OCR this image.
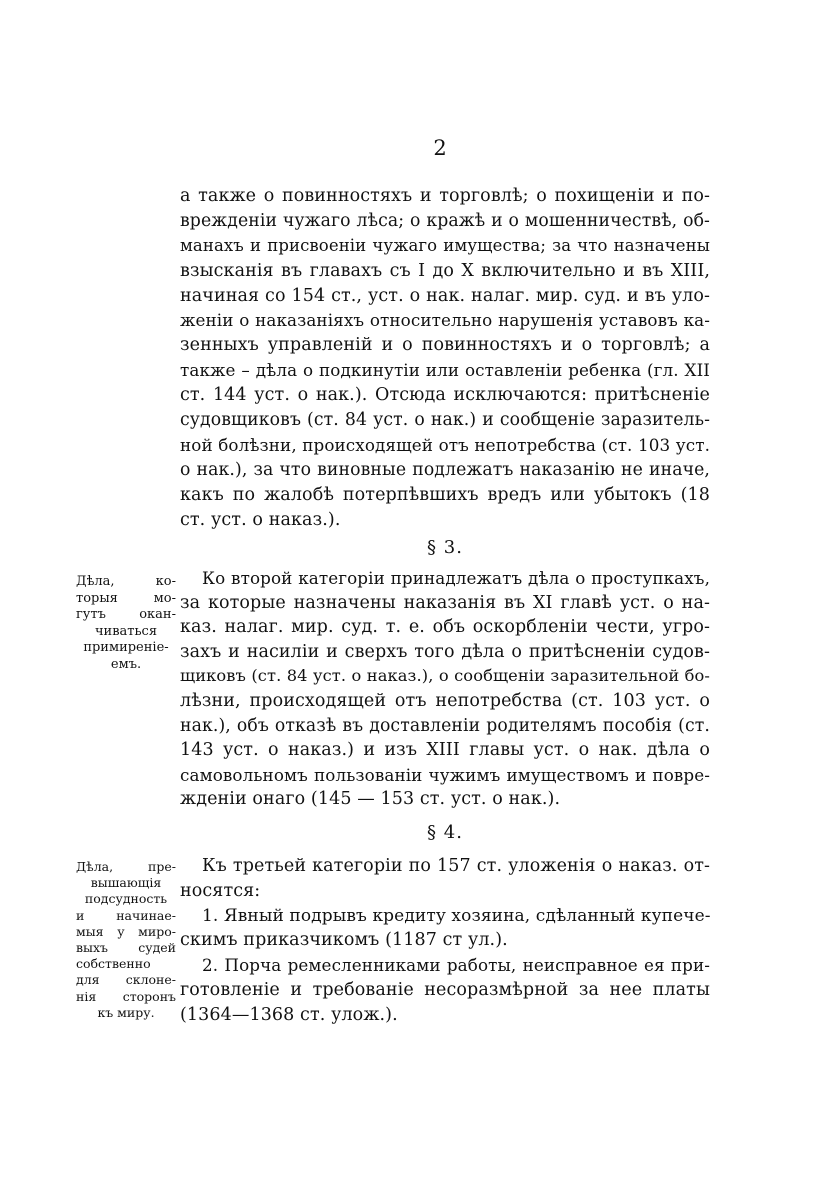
2
а также о повинностяхъ и торговлѣ; о похищеніи и по-
врежденіи чужаго лѣса; о кражѣ и о мошенничествѣ, об-
манахъ и присвоеніи чужаго имущества; за что назначены
взысканія въ главахъ съ I до X включительно и въ XIII,
начиная со 154 ст., уст. о нак. налаг. мир. суд. и въ уло-
женіи о наказаніяхъ относительно нарушенія уставовъ ка-
зенныхъ управленій и о повинностяхъ и о торговлѣ; а
также – дѣла о подкинутіи или оставленіи ребенка (гл. XII
ст. 144 уст. о нак.). Отсюда исключаются: притѣсненіе
судовщиковъ (ст. 84 уст. о нак.) и сообщеніе заразитель-
ной болѣзни, происходящей отъ непотребства (ст. 103 уст.
о нак.), за что виновные подлежатъ наказанію не иначе,
какъ по жалобѣ потерпѣвшихъ вредъ или убытокъ (18
ст. уст. о наказ.).
§ 3.
Дѣла, ко-
торыя мо-
гутъ окан-
чиваться
примиреніе-
емъ.
Ко второй категоріи принадлежатъ дѣла о проступкахъ,
за которые назначены наказанія въ XI главѣ уст. о на-
каз. налаг. мир. суд. т. е. объ оскорбленіи чести, угро-
захъ и насиліи и сверхъ того дѣла о притѣсненіи судов-
щиковъ (ст. 84 уст. о наказ.), о сообщеніи заразительной бо-
лѣзни, происходящей отъ непотребства (ст. 103 уст. о
нак.), объ отказѣ въ доставленіи родителямъ пособія (ст.
143 уст. о наказ.) и изъ XIII главы уст. о нак. дѣла о
самовольномъ пользованіи чужимъ имуществомъ и повре-
жденіи онаго (145 — 153 ст. уст. о нак.).
§ 4.
Дѣла, пре-
вышающія
подсудность
и начинае-
мыя у миро-
выхъ судей
собственно
для склоне-
нія сторонъ
къ миру.
Къ третьей категоріи по 157 ст. уложенія о наказ. от-
носятся:
1. Явный подрывъ кредиту хозяина, сдѣланный купече-
скимъ приказчикомъ (1187 ст ул.).
2. Порча ремесленниками работы, неисправное ея при-
готовленіе и требованіе несоразмѣрной за нее платы
(1364—1368 ст. улож.).
